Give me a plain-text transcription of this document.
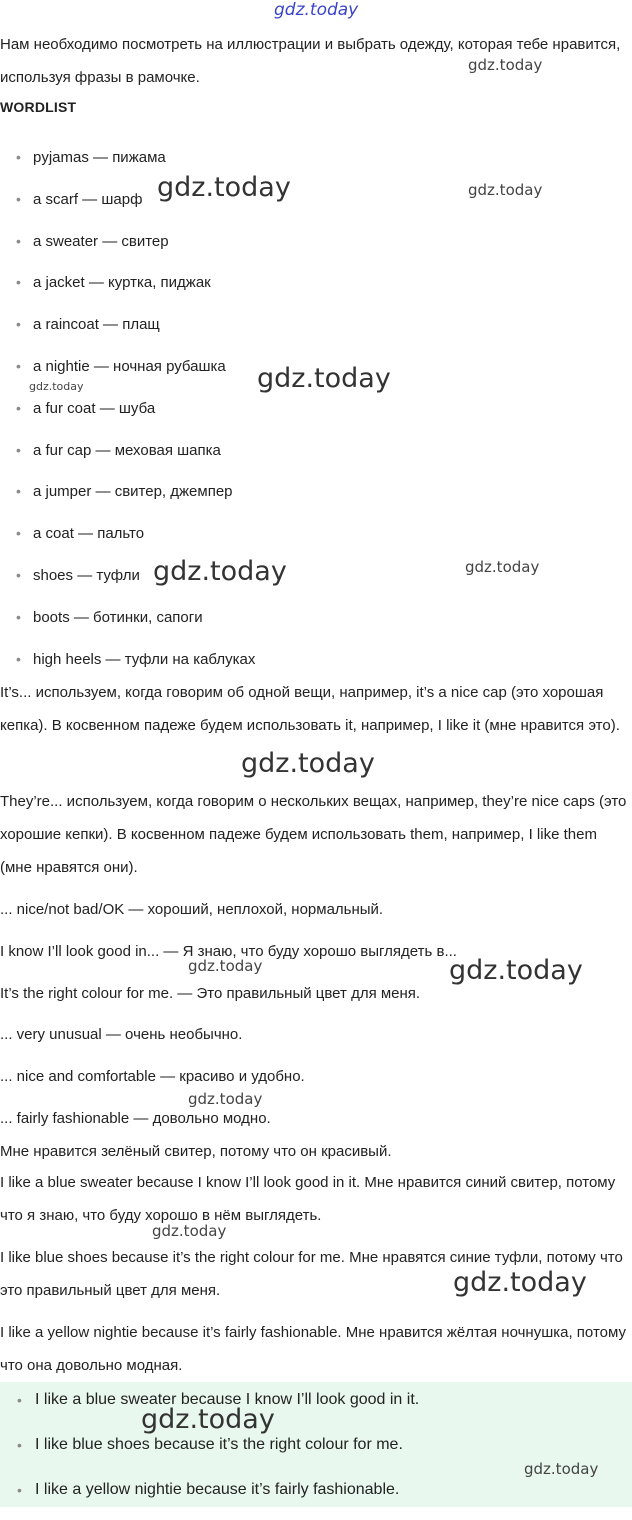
Нам необходимо посмотреть на иллюстрации и выбрать одежду, которая тебе нравится, используя фразы в рамочке.

WORDLIST
• pyjamas — пижама
• a scarf — шарф
• a sweater — свитер
• a jacket — куртка, пиджак
• a raincoat — плащ
• a nightie — ночная рубашка
• a fur coat — шуба
• a fur cap — меховая шапка
• a jumper — свитер, джемпер
• a coat — пальто
• shoes — туфли
• boots — ботинки, сапоги
• high heels — туфли на каблуках

It’s... используем, когда говорим об одной вещи, например, it’s a nice cap (это хорошая кепка). В косвенном падеже будем использовать it, например, I like it (мне нравится это).

They’re... используем, когда говорим о нескольких вещах, например, they’re nice caps (это хорошие кепки). В косвенном падеже будем использовать them, например, I like them (мне нравятся они).

... nice/not bad/OK — хороший, неплохой, нормальный.

I know I’ll look good in... — Я знаю, что буду хорошо выглядеть в...

It’s the right colour for me. — Это правильный цвет для меня.

... very unusual — очень необычно.

... nice and comfortable — красиво и удобно.

... fairly fashionable — довольно модно.

Мне нравится зелёный свитер, потому что он красивый.

I like a blue sweater because I know I’ll look good in it. Мне нравится синий свитер, потому что я знаю, что буду хорошо в нём выглядеть.

I like blue shoes because it’s the right colour for me. Мне нравятся синие туфли, потому что это правильный цвет для меня.

I like a yellow nightie because it’s fairly fashionable. Мне нравится жёлтая ночнушка, потому что она довольно модная.

• I like a blue sweater because I know I’ll look good in it.
• I like blue shoes because it’s the right colour for me.
• I like a yellow nightie because it’s fairly fashionable.
gdz.today
gdz.today
gdz.today	gdz.today
gdz.today
gdz.today
gdz.today	gdz.today
gdz.today
gdz.today	gdz.today
gdz.today
gdz.today
gdz.today
gdz.today
gdz.today
